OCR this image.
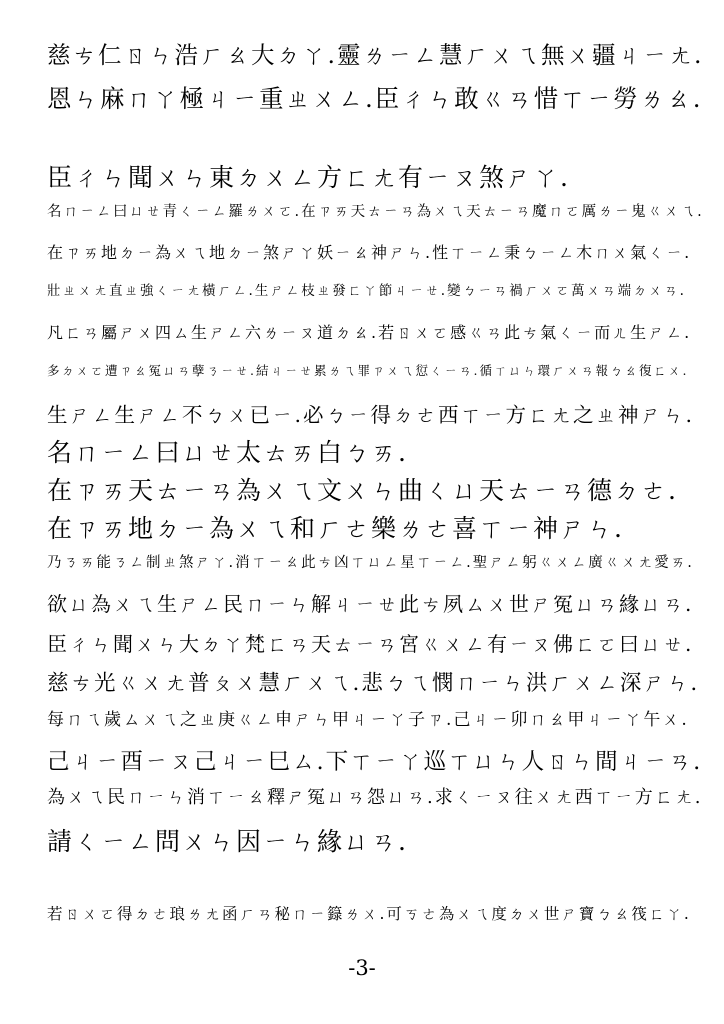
慈ㄘ仁ㄖㄣ浩ㄏㄠ大ㄉㄚ.靈ㄌㄧㄥ慧ㄏㄨㄟ無ㄨ疆ㄐㄧㄤ.
恩ㄣ麻ㄇㄚ極ㄐㄧ重ㄓㄨㄥ.臣ㄔㄣ敢ㄍㄢ惜ㄒㄧ勞ㄌㄠ.
臣ㄔㄣ聞ㄨㄣ東ㄉㄨㄥ方ㄈㄤ有ㄧㄡ煞ㄕㄚ.
名ㄇㄧㄥ曰ㄩㄝ青ㄑㄧㄥ羅ㄌㄨㄛ.在ㄗㄞ天ㄊㄧㄢ為ㄨㄟ天ㄊㄧㄢ魔ㄇㄛ厲ㄌㄧ鬼ㄍㄨㄟ.
在ㄗㄞ地ㄉㄧ為ㄨㄟ地ㄉㄧ煞ㄕㄚ妖ㄧㄠ神ㄕㄣ.性ㄒㄧㄥ秉ㄅㄧㄥ木ㄇㄨ氣ㄑㄧ.
壯ㄓㄨㄤ直ㄓ強ㄑㄧㄤ橫ㄏㄥ.生ㄕㄥ枝ㄓ發ㄈㄚ節ㄐㄧㄝ.變ㄅㄧㄢ禍ㄏㄨㄛ萬ㄨㄢ端ㄉㄨㄢ.
凡ㄈㄢ屬ㄕㄨ四ㄙ生ㄕㄥ六ㄌㄧㄡ道ㄉㄠ.若ㄖㄨㄛ感ㄍㄢ此ㄘ氣ㄑㄧ而ㄦ生ㄕㄥ.
多ㄉㄨㄛ遭ㄗㄠ冤ㄩㄢ孽ㄋㄧㄝ.結ㄐㄧㄝ累ㄌㄟ罪ㄗㄨㄟ愆ㄑㄧㄢ.循ㄒㄩㄣ環ㄏㄨㄢ報ㄅㄠ復ㄈㄨ.
生ㄕㄥ生ㄕㄥ不ㄅㄨ已ㄧ.必ㄅㄧ得ㄉㄜ西ㄒㄧ方ㄈㄤ之ㄓ神ㄕㄣ.
名ㄇㄧㄥ曰ㄩㄝ太ㄊㄞ白ㄅㄞ.
在ㄗㄞ天ㄊㄧㄢ為ㄨㄟ文ㄨㄣ曲ㄑㄩ天ㄊㄧㄢ德ㄉㄜ.
在ㄗㄞ地ㄉㄧ為ㄨㄟ和ㄏㄜ樂ㄌㄜ喜ㄒㄧ神ㄕㄣ.
乃ㄋㄞ能ㄋㄥ制ㄓ煞ㄕㄚ.消ㄒㄧㄠ此ㄘ凶ㄒㄩㄥ星ㄒㄧㄥ.聖ㄕㄥ躬ㄍㄨㄥ廣ㄍㄨㄤ愛ㄞ.
欲ㄩ為ㄨㄟ生ㄕㄥ民ㄇㄧㄣ解ㄐㄧㄝ此ㄘ夙ㄙㄨ世ㄕ冤ㄩㄢ緣ㄩㄢ.
臣ㄔㄣ聞ㄨㄣ大ㄉㄚ梵ㄈㄢ天ㄊㄧㄢ宮ㄍㄨㄥ有ㄧㄡ佛ㄈㄛ曰ㄩㄝ.
慈ㄘ光ㄍㄨㄤ普ㄆㄨ慧ㄏㄨㄟ.悲ㄅㄟ憫ㄇㄧㄣ洪ㄏㄨㄥ深ㄕㄣ.
每ㄇㄟ歲ㄙㄨㄟ之ㄓ庚ㄍㄥ申ㄕㄣ甲ㄐㄧㄚ子ㄗ.己ㄐㄧ卯ㄇㄠ甲ㄐㄧㄚ午ㄨ.
己ㄐㄧ酉ㄧㄡ己ㄐㄧ巳ㄙ.下ㄒㄧㄚ巡ㄒㄩㄣ人ㄖㄣ間ㄐㄧㄢ.
為ㄨㄟ民ㄇㄧㄣ消ㄒㄧㄠ釋ㄕ冤ㄩㄢ怨ㄩㄢ.求ㄑㄧㄡ往ㄨㄤ西ㄒㄧ方ㄈㄤ.
請ㄑㄧㄥ問ㄨㄣ因ㄧㄣ緣ㄩㄢ.
若ㄖㄨㄛ得ㄉㄜ琅ㄌㄤ函ㄏㄢ秘ㄇㄧ籙ㄌㄨ.可ㄎㄜ為ㄨㄟ度ㄉㄨ世ㄕ寶ㄅㄠ筏ㄈㄚ.
-3-
